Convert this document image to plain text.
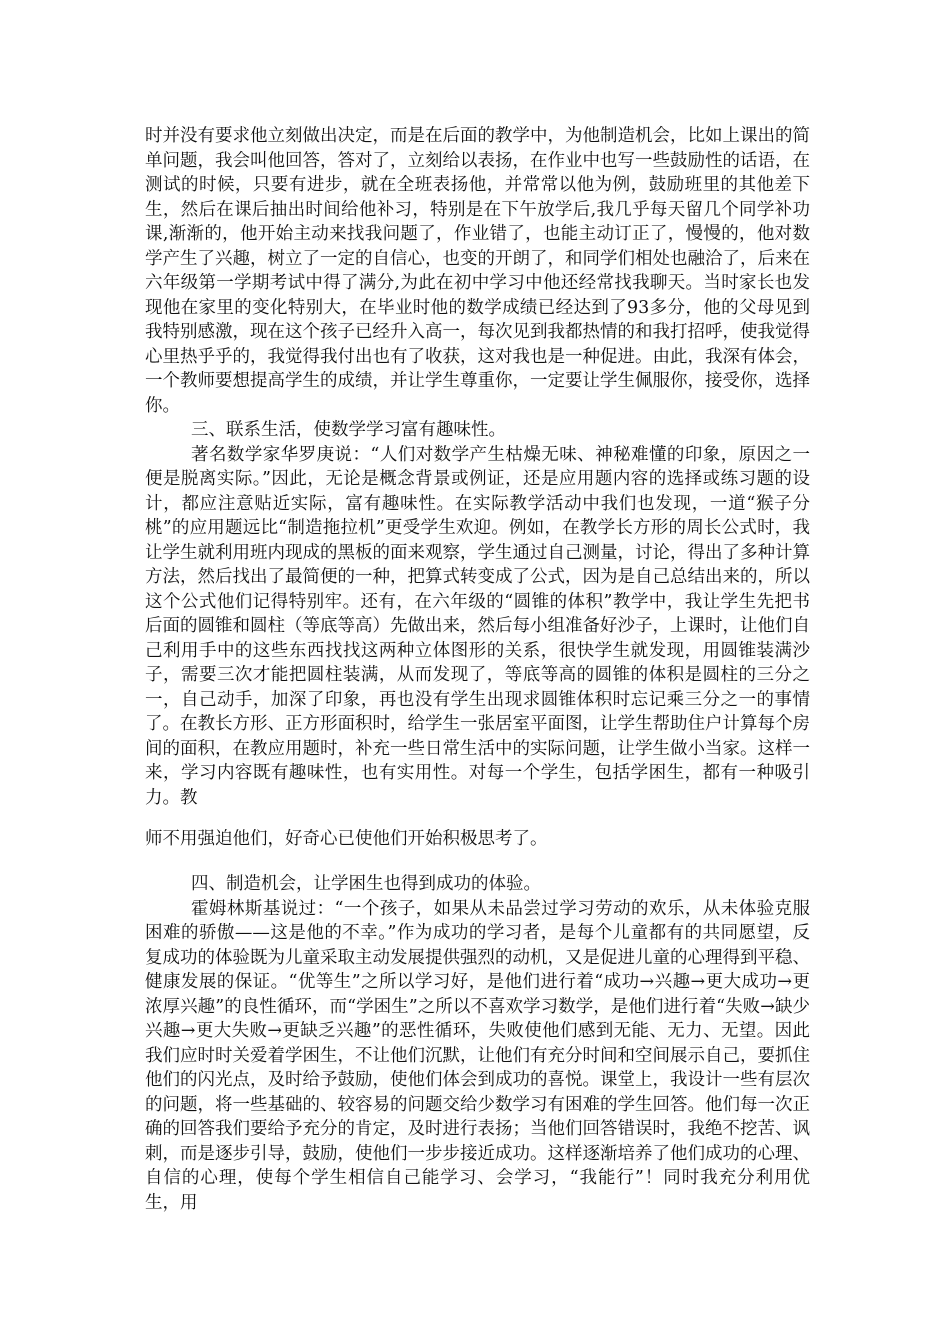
时并没有要求他立刻做出决定，而是在后面的教学中，为他制造机会，比如上课出的简单问题，我会叫他回答，答对了，立刻给以表扬，在作业中也写一些鼓励性的话语，在测试的时候，只要有进步，就在全班表扬他，并常常以他为例，鼓励班里的其他差下生，然后在课后抽出时间给他补习，特别是在下午放学后,我几乎每天留几个同学补功课,渐渐的，他开始主动来找我问题了，作业错了，也能主动订正了，慢慢的，他对数学产生了兴趣，树立了一定的自信心，也变的开朗了，和同学们相处也融洽了，后来在六年级第一学期考试中得了满分,为此在初中学习中他还经常找我聊天。当时家长也发现他在家里的变化特别大，在毕业时他的数学成绩已经达到了93多分，他的父母见到我特别感激，现在这个孩子已经升入高一，每次见到我都热情的和我打招呼，使我觉得心里热乎乎的，我觉得我付出也有了收获，这对我也是一种促进。由此，我深有体会，一个教师要想提高学生的成绩，并让学生尊重你，一定要让学生佩服你，接受你，选择你。

三、联系生活，使数学学习富有趣味性。

著名数学家华罗庚说：“人们对数学产生枯燥无味、神秘难懂的印象，原因之一便是脱离实际。”因此，无论是概念背景或例证，还是应用题内容的选择或练习题的设计，都应注意贴近实际，富有趣味性。在实际教学活动中我们也发现，一道“猴子分桃”的应用题远比“制造拖拉机”更受学生欢迎。例如，在教学长方形的周长公式时，我让学生就利用班内现成的黑板的面来观察，学生通过自己测量，讨论，得出了多种计算方法，然后找出了最简便的一种，把算式转变成了公式，因为是自己总结出来的，所以这个公式他们记得特别牢。还有，在六年级的“圆锥的体积”教学中，我让学生先把书后面的圆锥和圆柱（等底等高）先做出来，然后每小组准备好沙子，上课时，让他们自己利用手中的这些东西找找这两种立体图形的关系，很快学生就发现，用圆锥装满沙子，需要三次才能把圆柱装满，从而发现了，等底等高的圆锥的体积是圆柱的三分之一，自己动手，加深了印象，再也没有学生出现求圆锥体积时忘记乘三分之一的事情了。在教长方形、正方形面积时，给学生一张居室平面图，让学生帮助住户计算每个房间的面积，在教应用题时，补充一些日常生活中的实际问题，让学生做小当家。这样一来，学习内容既有趣味性，也有实用性。对每一个学生，包括学困生，都有一种吸引力。教

师不用强迫他们，好奇心已使他们开始积极思考了。

四、制造机会，让学困生也得到成功的体验。

霍姆林斯基说过：“一个孩子，如果从未品尝过学习劳动的欢乐，从未体验克服困难的骄傲——这是他的不幸。”作为成功的学习者，是每个儿童都有的共同愿望，反复成功的体验既为儿童采取主动发展提供强烈的动机，又是促进儿童的心理得到平稳、健康发展的保证。“优等生”之所以学习好，是他们进行着“成功→兴趣→更大成功→更浓厚兴趣”的良性循环，而“学困生”之所以不喜欢学习数学，是他们进行着“失败→缺少兴趣→更大失败→更缺乏兴趣”的恶性循环，失败使他们感到无能、无力、无望。因此我们应时时关爱着学困生，不让他们沉默，让他们有充分时间和空间展示自己，要抓住他们的闪光点，及时给予鼓励，使他们体会到成功的喜悦。课堂上，我设计一些有层次的问题，将一些基础的、较容易的问题交给少数学习有困难的学生回答。他们每一次正确的回答我们要给予充分的肯定，及时进行表扬；当他们回答错误时，我绝不挖苦、讽刺，而是逐步引导，鼓励，使他们一步步接近成功。这样逐渐培养了他们成功的心理、自信的心理，使每个学生相信自己能学习、会学习，“我能行”！同时我充分利用优生，用
